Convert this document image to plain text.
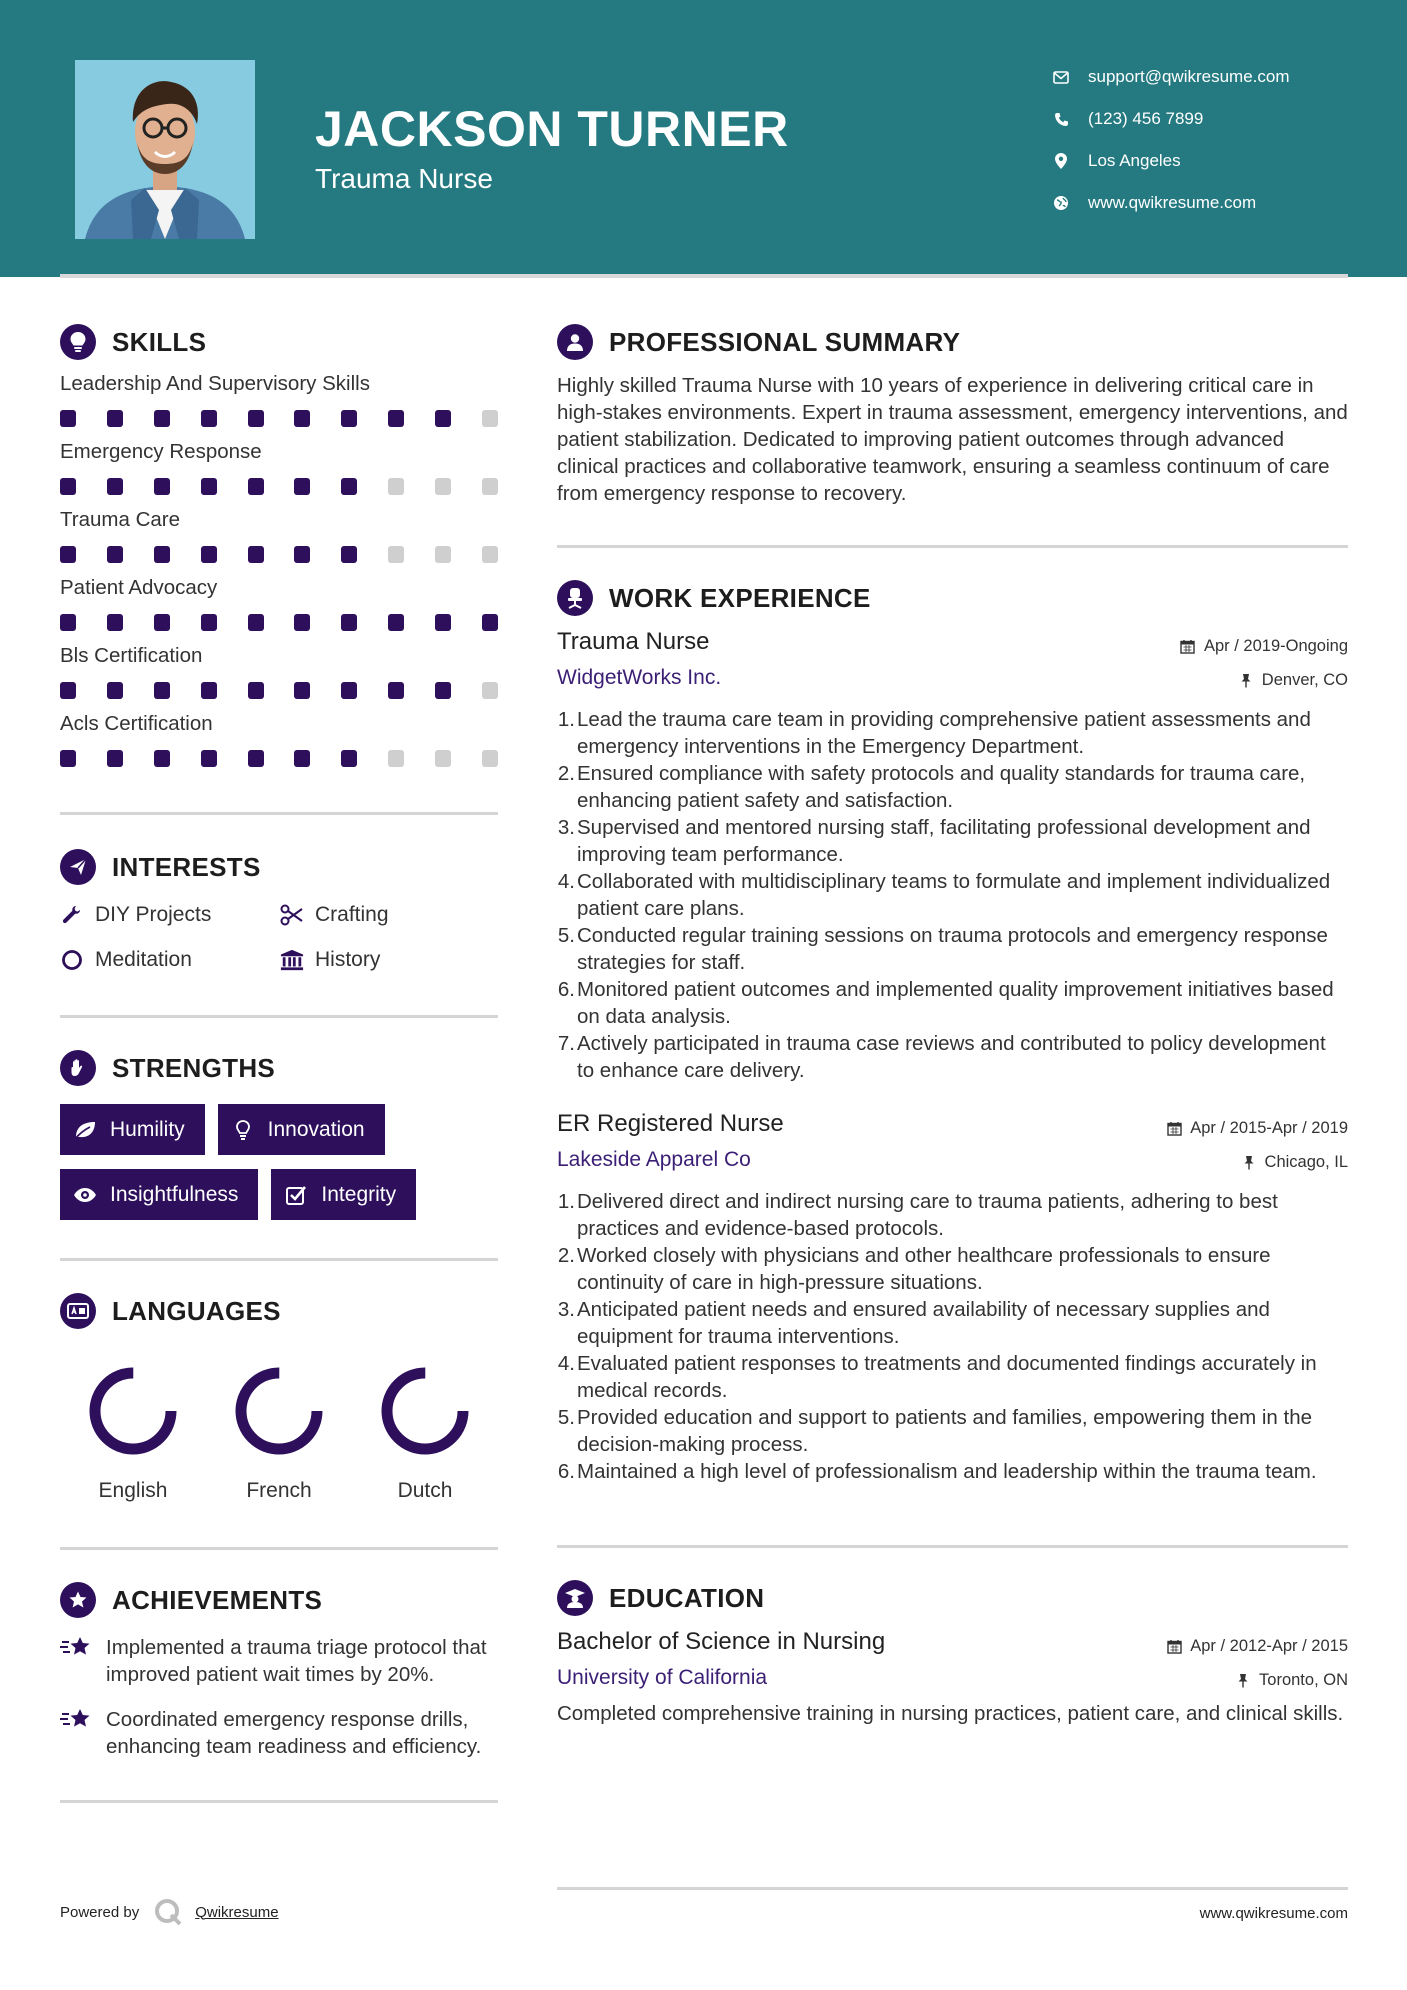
JACKSON TURNER
Trauma Nurse
support@qwikresume.com
(123) 456 7899
Los Angeles
www.qwikresume.com
SKILLS
Leadership And Supervisory Skills
Emergency Response
Trauma Care
Patient Advocacy
Bls Certification
Acls Certification
INTERESTS
DIY Projects	Crafting
Meditation	History
STRENGTHS
Humility	Innovation
Insightfulness	Integrity
LANGUAGES
English	French	Dutch
ACHIEVEMENTS
Implemented a trauma triage protocol that improved patient wait times by 20%.
Coordinated emergency response drills, enhancing team readiness and efficiency.
PROFESSIONAL SUMMARY
Highly skilled Trauma Nurse with 10 years of experience in delivering critical care in high-stakes environments. Expert in trauma assessment, emergency interventions, and patient stabilization. Dedicated to improving patient outcomes through advanced clinical practices and collaborative teamwork, ensuring a seamless continuum of care from emergency response to recovery.
WORK EXPERIENCE
Trauma Nurse	Apr / 2019-Ongoing
WidgetWorks Inc.	Denver, CO
1. Lead the trauma care team in providing comprehensive patient assessments and emergency interventions in the Emergency Department.
2. Ensured compliance with safety protocols and quality standards for trauma care, enhancing patient safety and satisfaction.
3. Supervised and mentored nursing staff, facilitating professional development and improving team performance.
4. Collaborated with multidisciplinary teams to formulate and implement individualized patient care plans.
5. Conducted regular training sessions on trauma protocols and emergency response strategies for staff.
6. Monitored patient outcomes and implemented quality improvement initiatives based on data analysis.
7. Actively participated in trauma case reviews and contributed to policy development to enhance care delivery.
ER Registered Nurse	Apr / 2015-Apr / 2019
Lakeside Apparel Co	Chicago, IL
1. Delivered direct and indirect nursing care to trauma patients, adhering to best practices and evidence-based protocols.
2. Worked closely with physicians and other healthcare professionals to ensure continuity of care in high-pressure situations.
3. Anticipated patient needs and ensured availability of necessary supplies and equipment for trauma interventions.
4. Evaluated patient responses to treatments and documented findings accurately in medical records.
5. Provided education and support to patients and families, empowering them in the decision-making process.
6. Maintained a high level of professionalism and leadership within the trauma team.
EDUCATION
Bachelor of Science in Nursing	Apr / 2012-Apr / 2015
University of California	Toronto, ON
Completed comprehensive training in nursing practices, patient care, and clinical skills.
Powered by	Qwikresume	www.qwikresume.com
